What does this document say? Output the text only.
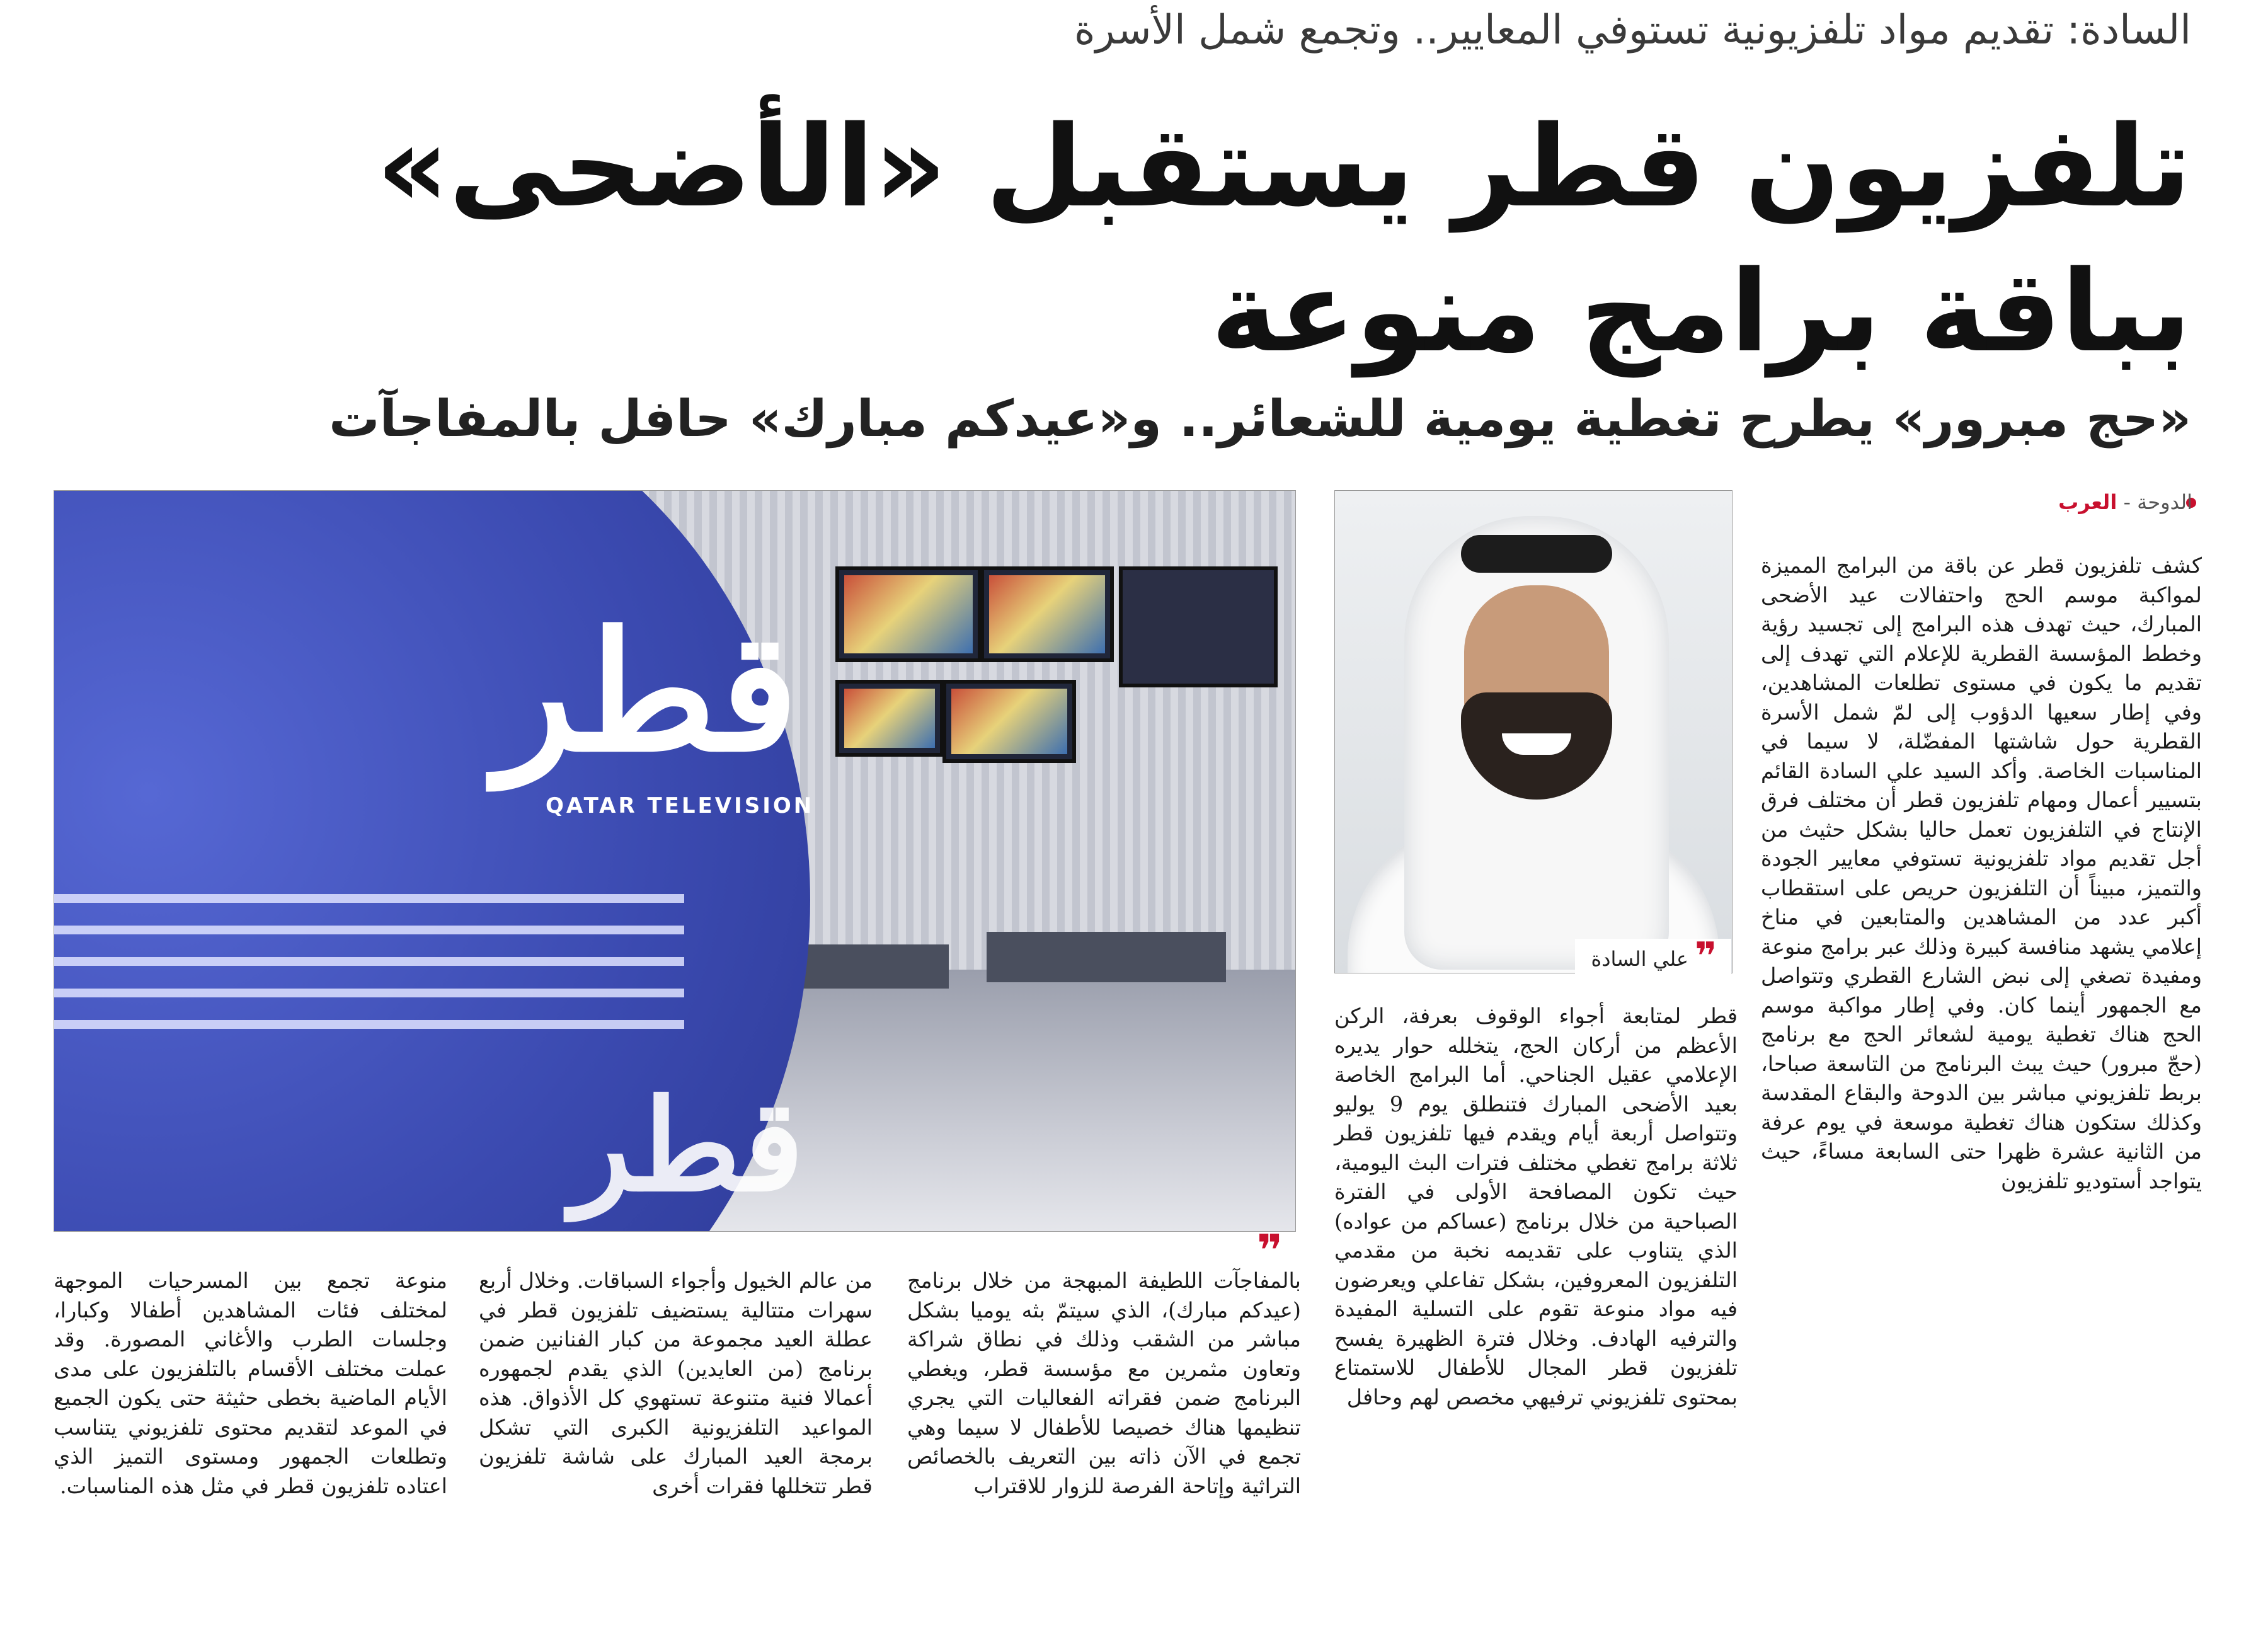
السادة: تقديم مواد تلفزيونية تستوفي المعايير.. وتجمع شمل الأسرة
تلفزيون قطر يستقبل «الأضحى»
بباقة برامج منوعة
«حج مبرور» يطرح تغطية يومية للشعائر.. و«عيدكم مبارك» حافل بالمفاجآت
قطر
QATAR TELEVISION
قطر
❞
علي السادة
❞
الدوحة - العرب
كشف تلفزيون قطر عن باقة من البرامج المميزة لمواكبة موسم الحج واحتفالات عيد الأضحى المبارك، حيث تهدف هذه البرامج إلى تجسيد رؤية وخطط المؤسسة القطرية للإعلام التي تهدف إلى تقديم ما يكون في مستوى تطلعات المشاهدين، وفي إطار سعيها الدؤوب إلى لمّ شمل الأسرة القطرية حول شاشتها المفضّلة، لا سيما في المناسبات الخاصة. وأكد السيد علي السادة القائم بتسيير أعمال ومهام تلفزيون قطر أن مختلف فرق الإنتاج في التلفزيون تعمل حاليا بشكل حثيث من أجل تقديم مواد تلفزيونية تستوفي معايير الجودة والتميز، مبيناً أن التلفزيون حريص على استقطاب أكبر عدد من المشاهدين والمتابعين في مناخ إعلامي يشهد منافسة كبيرة وذلك عبر برامج منوعة ومفيدة تصغي إلى نبض الشارع القطري وتتواصل مع الجمهور أينما كان. وفي إطار مواكبة موسم الحج هناك تغطية يومية لشعائر الحج مع برنامج (حجّ مبرور) حيث يبث البرنامج من التاسعة صباحا، بربط تلفزيوني مباشر بين الدوحة والبقاع المقدسة وكذلك ستكون هناك تغطية موسعة في يوم عرفة من الثانية عشرة ظهرا حتى السابعة مساءً، حيث يتواجد أستوديو تلفزيون
قطر لمتابعة أجواء الوقوف بعرفة، الركن الأعظم من أركان الحج، يتخلله حوار يديره الإعلامي عقيل الجناحي. أما البرامج الخاصة بعيد الأضحى المبارك فتنطلق يوم 9 يوليو وتتواصل أربعة أيام ويقدم فيها تلفزيون قطر ثلاثة برامج تغطي مختلف فترات البث اليومية، حيث تكون المصافحة الأولى في الفترة الصباحية من خلال برنامج (عساكم من عواده) الذي يتناوب على تقديمه نخبة من مقدمي التلفزيون المعروفين، بشكل تفاعلي ويعرضون فيه مواد منوعة تقوم على التسلية المفيدة والترفيه الهادف. وخلال فترة الظهيرة يفسح تلفزيون قطر المجال للأطفال للاستمتاع بمحتوى تلفزيوني ترفيهي مخصص لهم وحافل
بالمفاجآت اللطيفة المبهجة من خلال برنامج (عيدكم مبارك)، الذي سيتمّ بثه يوميا بشكل مباشر من الشقب وذلك في نطاق شراكة وتعاون مثمرين مع مؤسسة قطر، ويغطي البرنامج ضمن فقراته الفعاليات التي يجري تنظيمها هناك خصيصا للأطفال لا سيما وهي تجمع في الآن ذاته بين التعريف بالخصائص التراثية وإتاحة الفرصة للزوار للاقتراب
من عالم الخيول وأجواء السباقات. وخلال أربع سهرات متتالية يستضيف تلفزيون قطر في عطلة العيد مجموعة من كبار الفنانين ضمن برنامج (من العايدين) الذي يقدم لجمهوره أعمالا فنية متنوعة تستهوي كل الأذواق. هذه المواعيد التلفزيونية الكبرى التي تشكل برمجة العيد المبارك على شاشة تلفزيون قطر تتخللها فقرات أخرى
منوعة تجمع بين المسرحيات الموجهة لمختلف فئات المشاهدين أطفالا وكبارا، وجلسات الطرب والأغاني المصورة. وقد عملت مختلف الأقسام بالتلفزيون على مدى الأيام الماضية بخطى حثيثة حتى يكون الجميع في الموعد لتقديم محتوى تلفزيوني يتناسب وتطلعات الجمهور ومستوى التميز الذي اعتاده تلفزيون قطر في مثل هذه المناسبات.
